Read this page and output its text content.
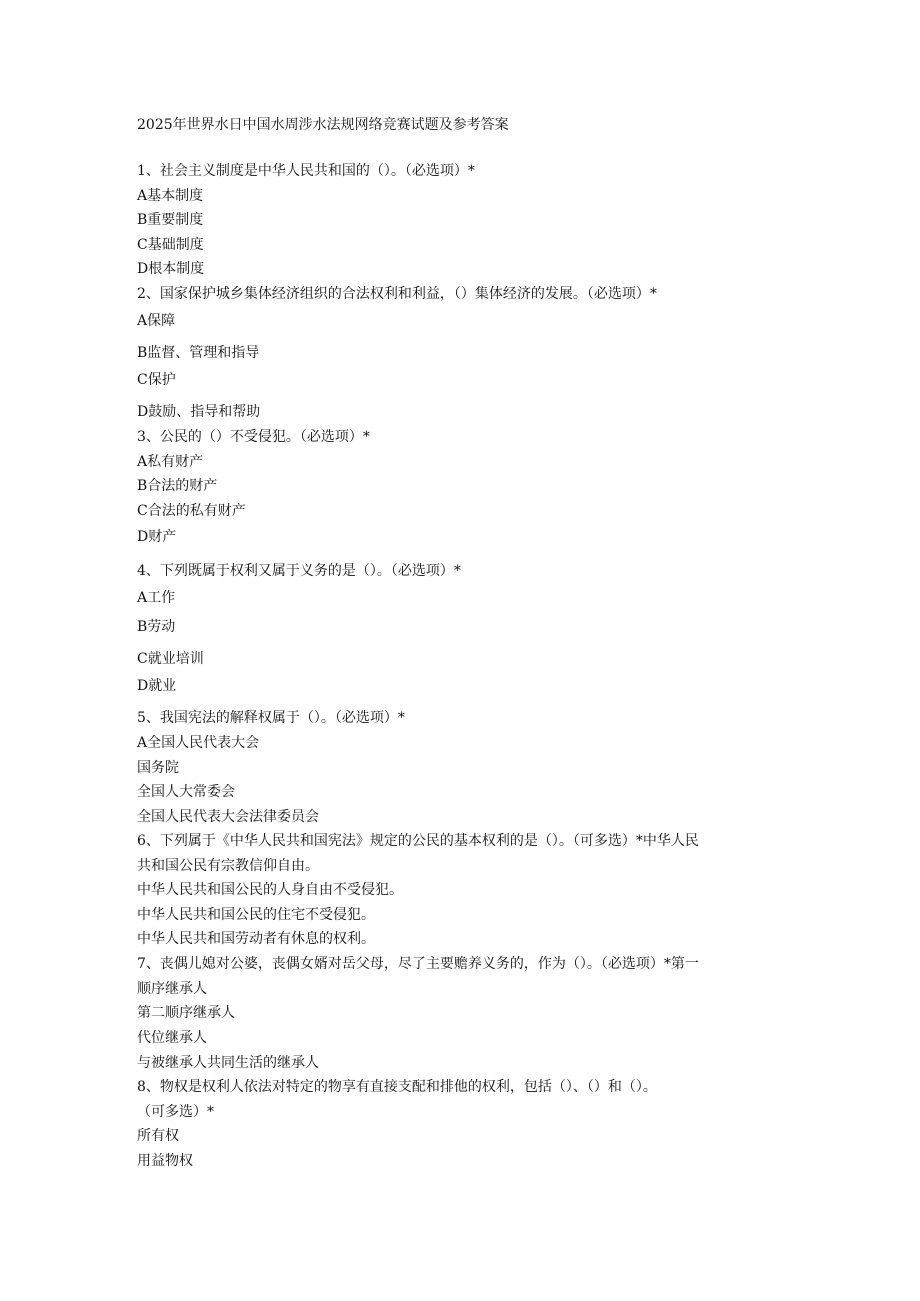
2025年世界水日中国水周涉水法规网络竞赛试题及参考答案
1、社会主义制度是中华人民共和国的（）。（必选项）*
A基本制度
B重要制度
C基础制度
D根本制度
2、国家保护城乡集体经济组织的合法权利和利益，（）集体经济的发展。（必选项）*
A保障
B监督、管理和指导
C保护
D鼓励、指导和帮助
3、公民的（）不受侵犯。（必选项）*
A私有财产
B合法的财产
C合法的私有财产
D财产
4、下列既属于权利又属于义务的是（）。（必选项）*
A工作
B劳动
C就业培训
D就业
5、我国宪法的解释权属于（）。（必选项）*
A全国人民代表大会
国务院
全国人大常委会
全国人民代表大会法律委员会
6、下列属于《中华人民共和国宪法》规定的公民的基本权利的是（）。（可多选）*中华人民
共和国公民有宗教信仰自由。
中华人民共和国公民的人身自由不受侵犯。
中华人民共和国公民的住宅不受侵犯。
中华人民共和国劳动者有休息的权利。
7、丧偶儿媳对公婆，丧偶女婿对岳父母，尽了主要赡养义务的，作为（）。（必选项）*第一
顺序继承人
第二顺序继承人
代位继承人
与被继承人共同生活的继承人
8、物权是权利人依法对特定的物享有直接支配和排他的权利，包括（）、（）和（）。
（可多选）*
所有权
用益物权
